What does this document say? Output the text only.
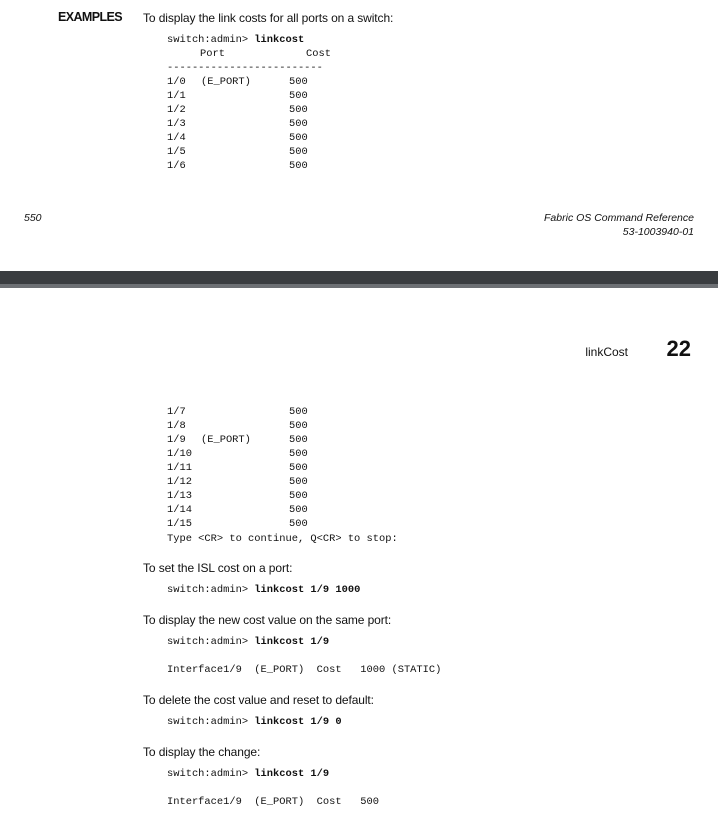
EXAMPLES To display the link costs for all ports on a switch:
switch:admin> linkcost
Port	Cost
-------------------------
1/0 (E_PORT)	500
1/1	500
1/2	500
1/3	500
1/4	500
1/5	500
1/6	500
550	Fabric OS Command Reference
53-1003940-01
linkCost 22
1/7	500
1/8	500
1/9 (E_PORT)	500
1/10	500
1/11	500
1/12	500
1/13	500
1/14	500
1/15	500
Type <CR> to continue, Q<CR> to stop:
To set the ISL cost on a port:
switch:admin> linkcost 1/9 1000
To display the new cost value on the same port:
switch:admin> linkcost 1/9
Interface1/9  (E_PORT)  Cost   1000 (STATIC)
To delete the cost value and reset to default:
switch:admin> linkcost 1/9 0
To display the change:
switch:admin> linkcost 1/9
Interface1/9  (E_PORT)  Cost   500
